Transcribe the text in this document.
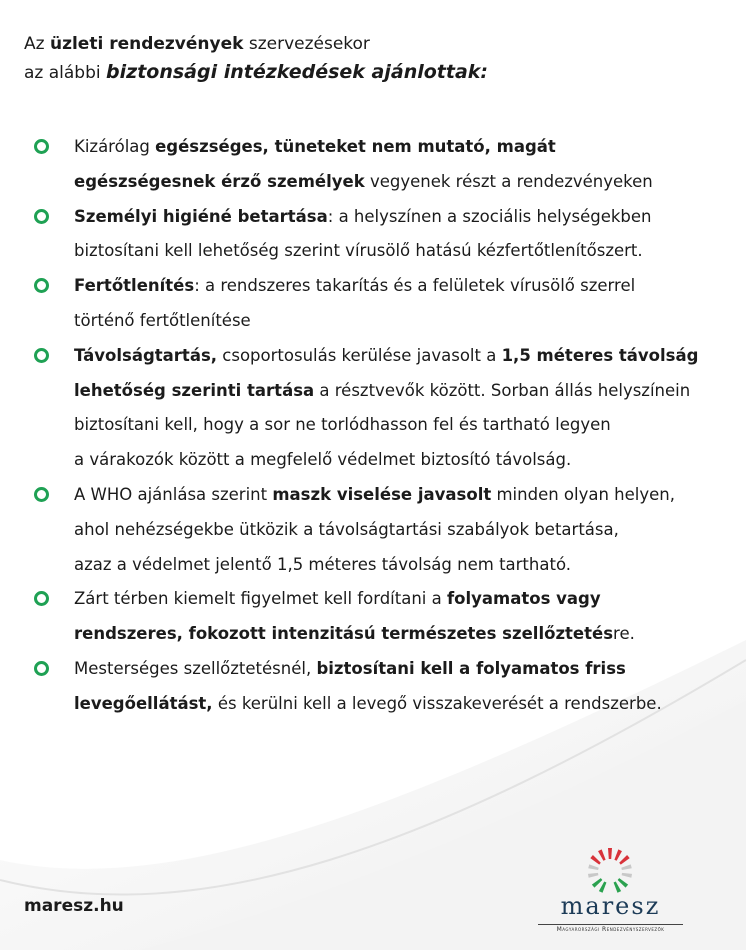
Az üzleti rendezvények szervezésekor
az alábbi biztonsági intézkedések ajánlottak:
Kizárólag egészséges, tüneteket nem mutató, magát
egészségesnek érző személyek vegyenek részt a rendezvényeken
Személyi higiéné betartása: a helyszínen a szociális helységekben
biztosítani kell lehetőség szerint vírusölő hatású kézfertőtlenítőszert.
Fertőtlenítés: a rendszeres takarítás és a felületek vírusölő szerrel
történő fertőtlenítése
Távolságtartás, csoportosulás kerülése javasolt a 1,5 méteres távolság
lehetőség szerinti tartása a résztvevők között. Sorban állás helyszínein
biztosítani kell, hogy a sor ne torlódhasson fel és tartható legyen
a várakozók között a megfelelő védelmet biztosító távolság.
A WHO ajánlása szerint maszk viselése javasolt minden olyan helyen,
ahol nehézségekbe ütközik a távolságtartási szabályok betartása,
azaz a védelmet jelentő 1,5 méteres távolság nem tartható.
Zárt térben kiemelt figyelmet kell fordítani a folyamatos vagy
rendszeres, fokozott intenzitású természetes szellőztetésre.
Mesterséges szellőztetésnél, biztosítani kell a folyamatos friss
levegőellátást, és kerülni kell a levegő visszakeverését a rendszerbe.
maresz.hu	maresz
Magyarországi Rendezvényszervezők
